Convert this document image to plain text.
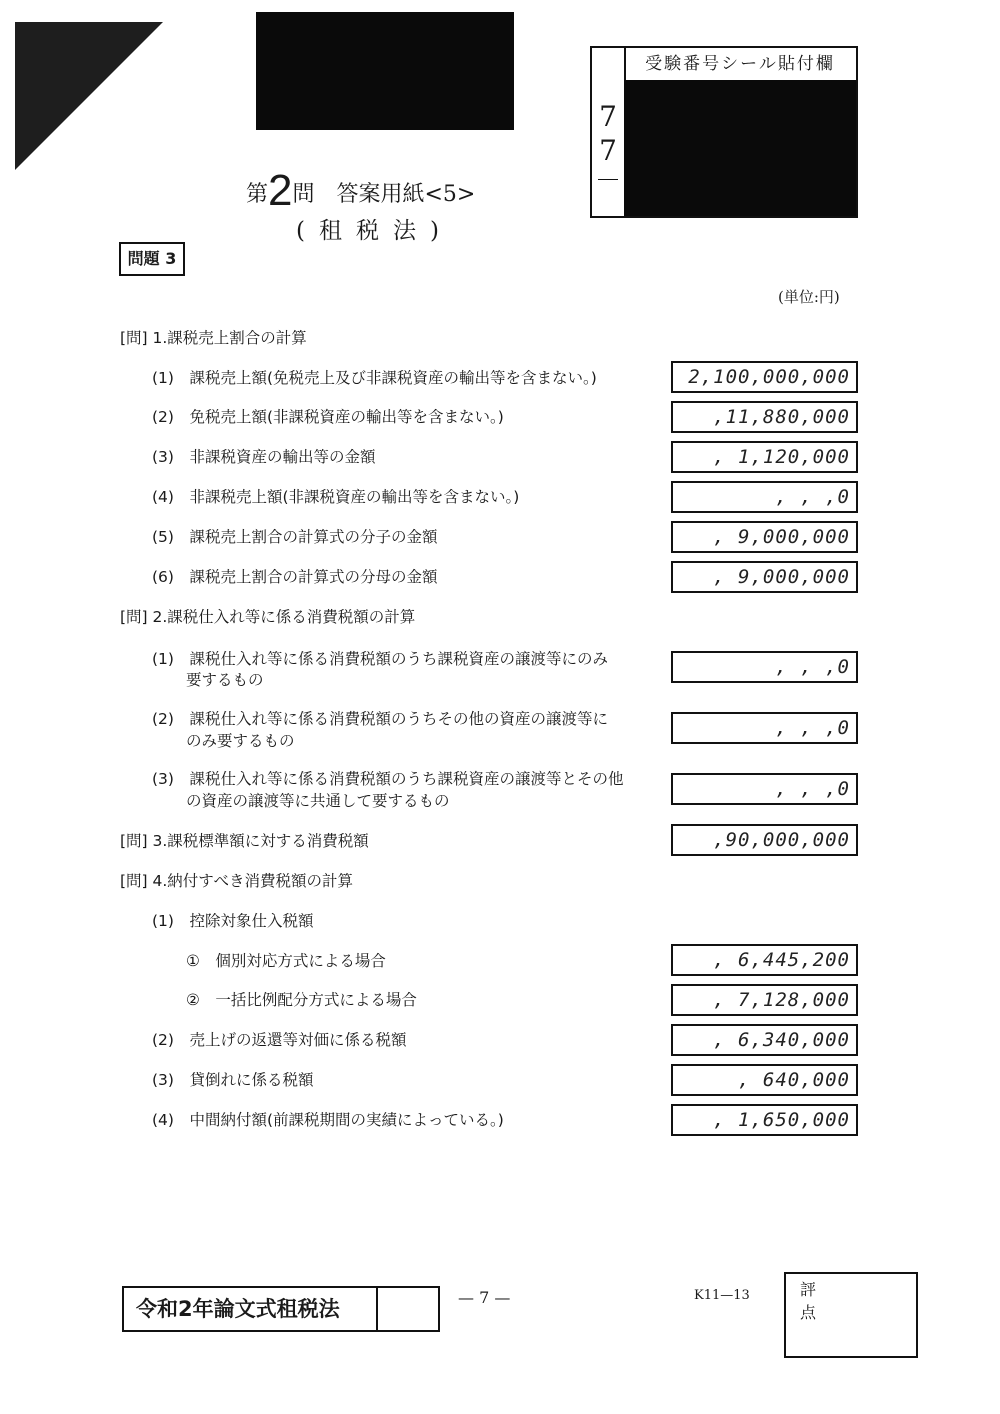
7
7
受験番号シール貼付欄
第2問　答案用紙<5>
(租税法)
問題 3
(単位:円)
[問] 1.課税売上割合の計算
(1)　課税売上額(免税売上及び非課税資産の輸出等を含まない。)	2,100,000,000
(2)　免税売上額(非課税資産の輸出等を含まない。)	,11,880,000
(3)　非課税資産の輸出等の金額	, 1,120,000
(4)　非課税売上額(非課税資産の輸出等を含まない。)	, , ,0
(5)　課税売上割合の計算式の分子の金額	, 9,000,000
(6)　課税売上割合の計算式の分母の金額	, 9,000,000
[問] 2.課税仕入れ等に係る消費税額の計算
(1)　課税仕入れ等に係る消費税額のうち課税資産の譲渡等にのみ
要するもの
, , ,0
(2)　課税仕入れ等に係る消費税額のうちその他の資産の譲渡等に
のみ要するもの
, , ,0
(3)　課税仕入れ等に係る消費税額のうち課税資産の譲渡等とその他
の資産の譲渡等に共通して要するもの
, , ,0
[問] 3.課税標準額に対する消費税額	,90,000,000
[問] 4.納付すべき消費税額の計算
(1)　控除対象仕入税額
①　個別対応方式による場合	, 6,445,200
②　一括比例配分方式による場合	, 7,128,000
(2)　売上げの返還等対価に係る税額	, 6,340,000
(3)　貸倒れに係る税額	, 640,000
(4)　中間納付額(前課税期間の実績によっている。)	, 1,650,000
令和2年論文式租税法	— 7 —	K11—13	評点
